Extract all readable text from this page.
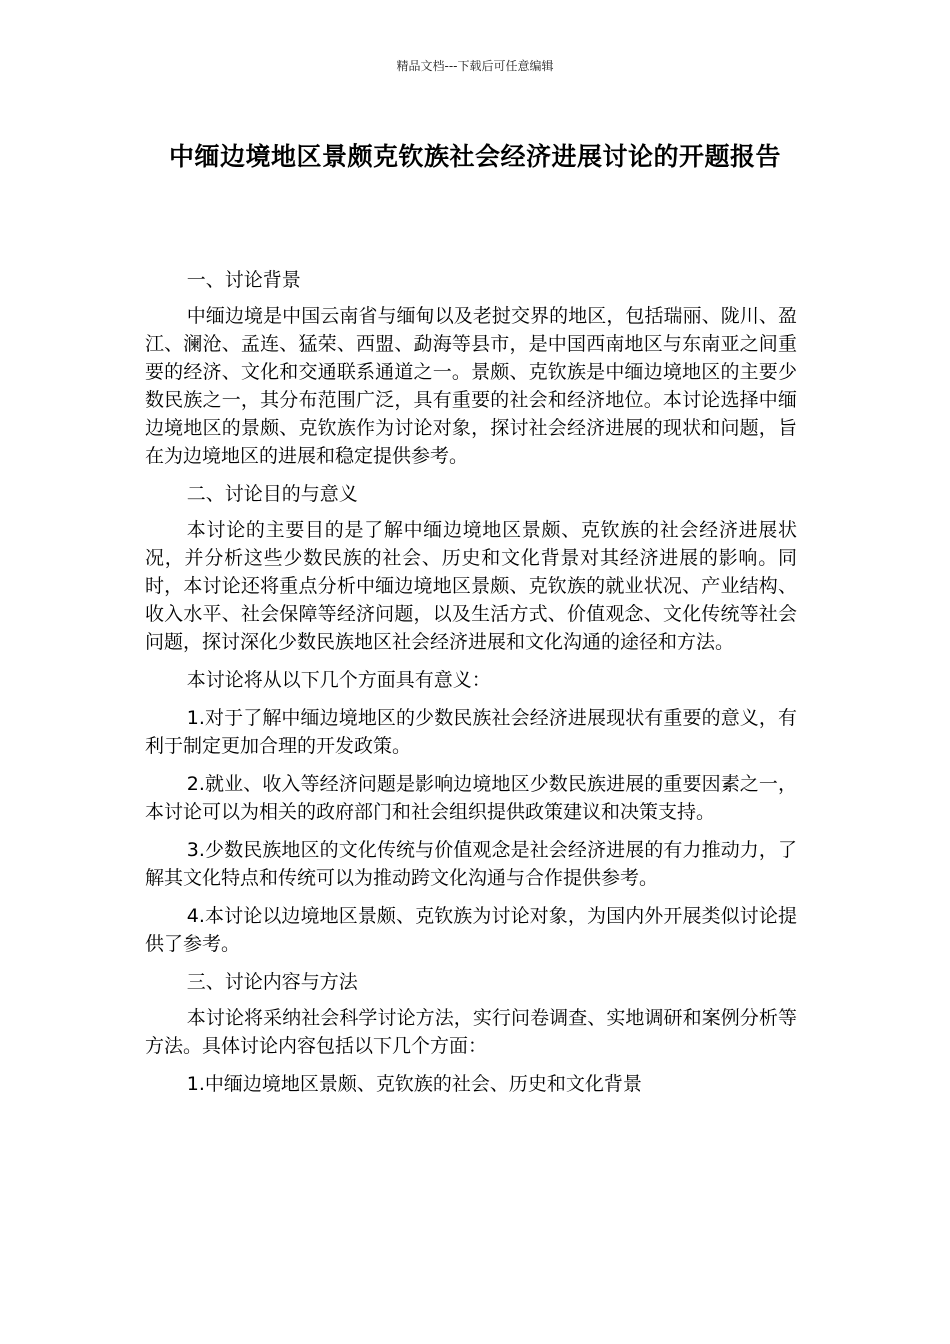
精品文档---下载后可任意编辑
中缅边境地区景颇克钦族社会经济进展讨论的开题报告

一、讨论背景

中缅边境是中国云南省与缅甸以及老挝交界的地区，包括瑞丽、陇川、盈江、澜沧、孟连、猛荣、西盟、勐海等县市，是中国西南地区与东南亚之间重要的经济、文化和交通联系通道之一。景颇、克钦族是中缅边境地区的主要少数民族之一，其分布范围广泛，具有重要的社会和经济地位。本讨论选择中缅边境地区的景颇、克钦族作为讨论对象，探讨社会经济进展的现状和问题，旨在为边境地区的进展和稳定提供参考。

二、讨论目的与意义

本讨论的主要目的是了解中缅边境地区景颇、克钦族的社会经济进展状况，并分析这些少数民族的社会、历史和文化背景对其经济进展的影响。同时，本讨论还将重点分析中缅边境地区景颇、克钦族的就业状况、产业结构、收入水平、社会保障等经济问题，以及生活方式、价值观念、文化传统等社会问题，探讨深化少数民族地区社会经济进展和文化沟通的途径和方法。

本讨论将从以下几个方面具有意义：

1.对于了解中缅边境地区的少数民族社会经济进展现状有重要的意义，有利于制定更加合理的开发政策。

2.就业、收入等经济问题是影响边境地区少数民族进展的重要因素之一，本讨论可以为相关的政府部门和社会组织提供政策建议和决策支持。

3.少数民族地区的文化传统与价值观念是社会经济进展的有力推动力，了解其文化特点和传统可以为推动跨文化沟通与合作提供参考。

4.本讨论以边境地区景颇、克钦族为讨论对象，为国内外开展类似讨论提供了参考。

三、讨论内容与方法

本讨论将采纳社会科学讨论方法，实行问卷调查、实地调研和案例分析等方法。具体讨论内容包括以下几个方面：

1.中缅边境地区景颇、克钦族的社会、历史和文化背景
